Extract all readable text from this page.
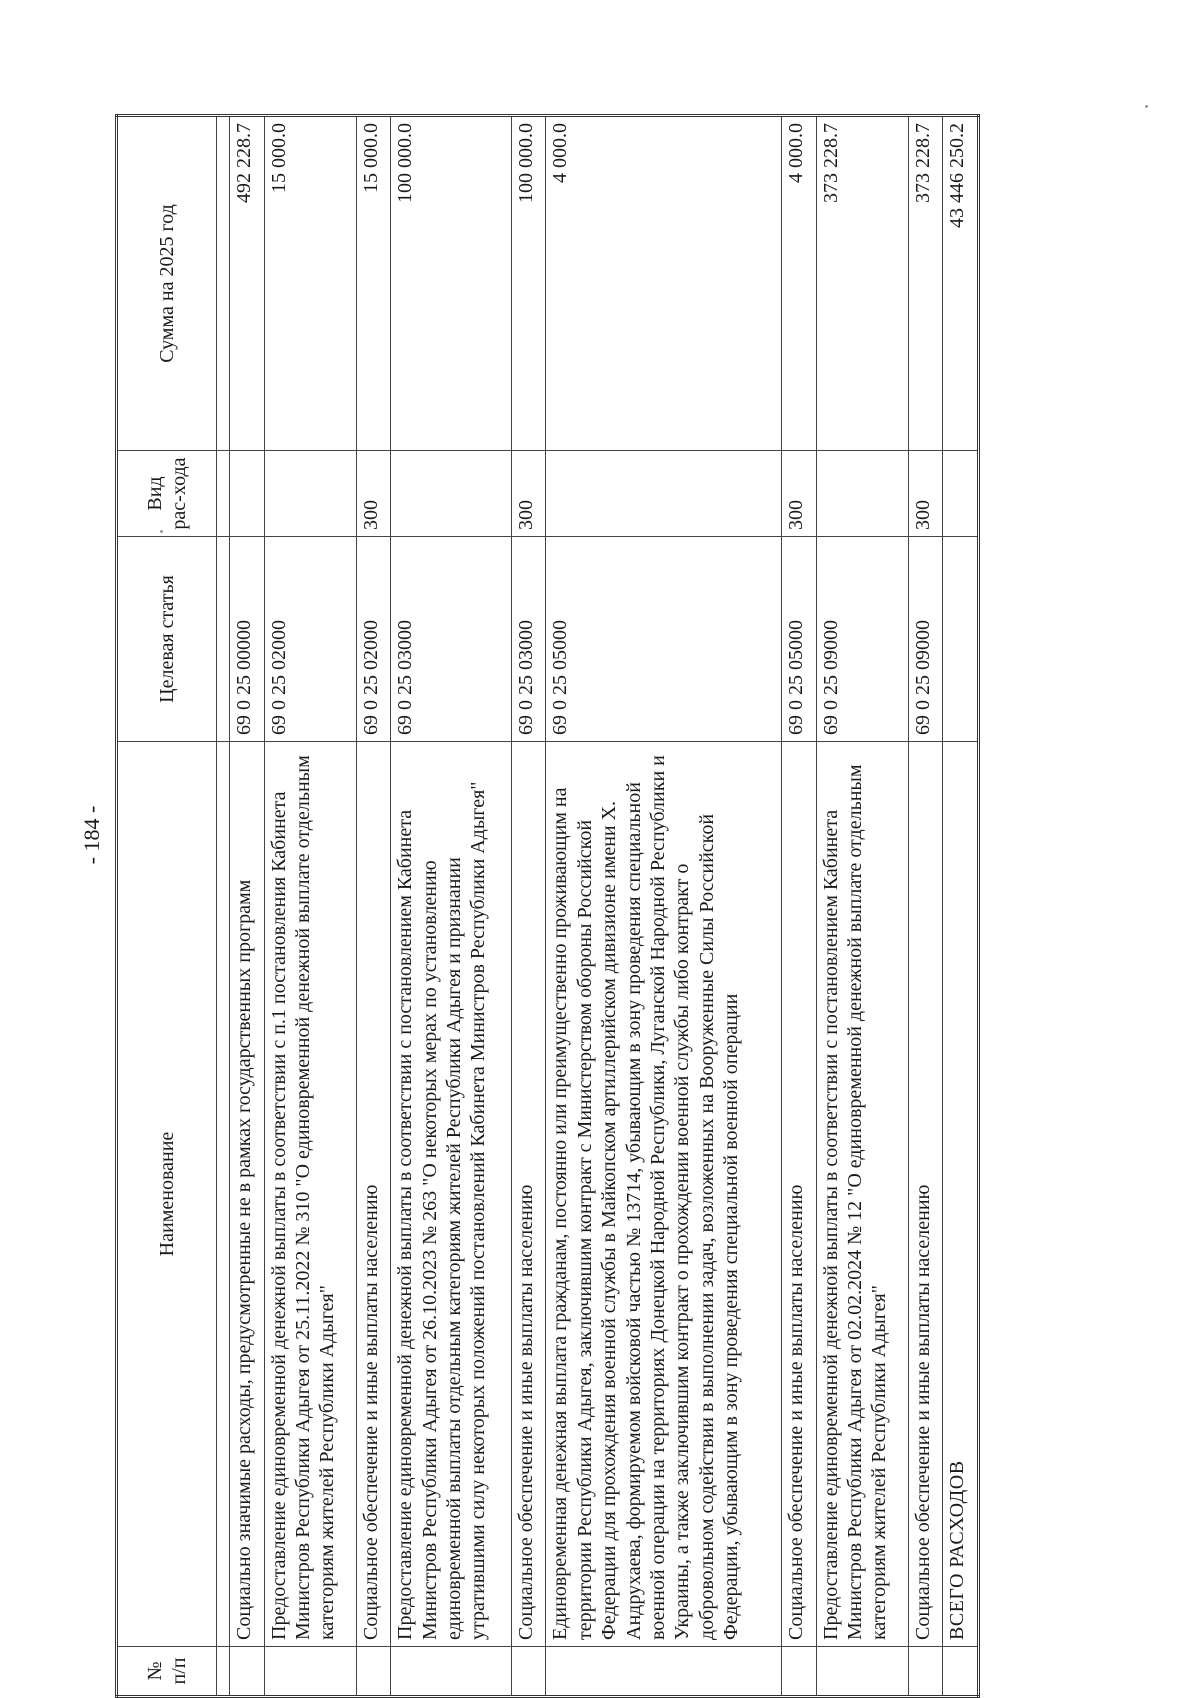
- 184 -
№ п/п	Наименование	Целевая статья	Вид рас-хода	Сумма на 2025 год

	Социально значимые расходы, предусмотренные не в рамках государственных программ	69 0 25 00000		492 228.7
	Предоставление единовременной денежной выплаты в соответствии с п.1 постановления Кабинета Министров Республики Адыгея от 25.11.2022 № 310 "О единовременной денежной выплате отдельным категориям жителей Республики Адыгея"	69 0 25 02000		15 000.0
	Социальное обеспечение и иные выплаты населению	69 0 25 02000	300	15 000.0
	Предоставление единовременной денежной выплаты в соответствии с постановлением Кабинета Министров Республики Адыгея от 26.10.2023 № 263 "О некоторых мерах по установлению единовременной выплаты отдельным категориям жителей Республики Адыгея и признании утратившими силу некоторых положений постановлений Кабинета Министров Республики Адыгея"	69 0 25 03000		100 000.0
	Социальное обеспечение и иные выплаты населению	69 0 25 03000	300	100 000.0
	Единовременная денежная выплата гражданам, постоянно или преимущественно проживающим на территории Республики Адыгея, заключившим контракт с Министерством обороны Российской Федерации для прохождения военной службы в Майкопском артиллерийском дивизионе имени Х. Андрухаева, формируемом войсковой частью № 13714, убывающим в зону проведения специальной военной операции на территориях Донецкой Народной Республики, Луганской Народной Республики и Украины, а также заключившим контракт о прохождении военной службы либо контракт о добровольном содействии в выполнении задач, возложенных на Вооруженные Силы Российской Федерации, убывающим в зону проведения специальной военной операции	69 0 25 05000		4 000.0
	Социальное обеспечение и иные выплаты населению	69 0 25 05000	300	4 000.0
	Предоставление единовременной денежной выплаты в соответствии с постановлением Кабинета Министров Республики Адыгея от 02.02.2024 № 12 "О единовременной денежной выплате отдельным категориям жителей Республики Адыгея"	69 0 25 09000		373 228.7
	Социальное обеспечение и иные выплаты населению	69 0 25 09000	300	373 228.7
	ВСЕГО РАСХОДОВ			43 446 250.2
